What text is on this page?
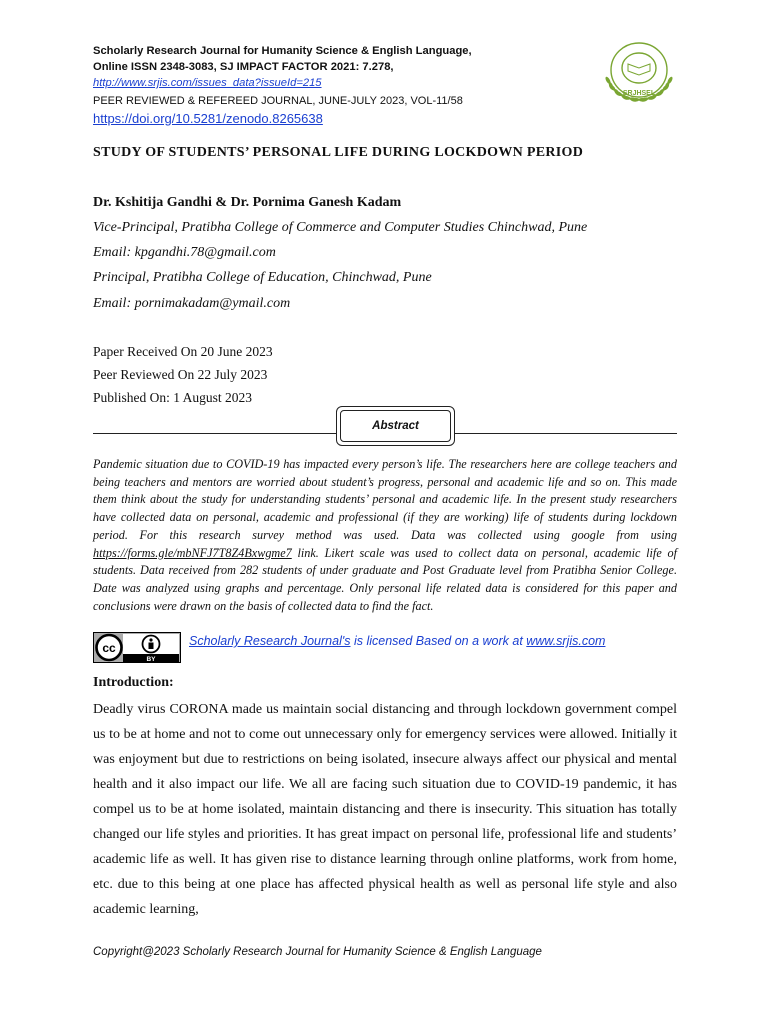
Scholarly Research Journal for Humanity Science & English Language,
Online ISSN 2348-3083, SJ IMPACT FACTOR 2021: 7.278,
http://www.srjis.com/issues_data?issueId=215
PEER REVIEWED & REFEREED JOURNAL, JUNE-JULY 2023, VOL-11/58
https://doi.org/10.5281/zenodo.8265638
SRJHSEL
STUDY OF STUDENTS’ PERSONAL LIFE DURING LOCKDOWN PERIOD
Dr. Kshitija Gandhi & Dr. Pornima Ganesh Kadam
Vice-Principal, Pratibha College of Commerce and Computer Studies Chinchwad, Pune
Email: kpgandhi.78@gmail.com
Principal, Pratibha College of Education, Chinchwad, Pune
Email: pornimakadam@ymail.com
Paper Received On 20 June 2023
Peer Reviewed On 22 July 2023
Published On: 1 August 2023
Abstract
Pandemic situation due to COVID-19 has impacted every person’s life. The researchers here are college teachers and being teachers and mentors are worried about student’s progress, personal and academic life and so on. This made them think about the study for understanding students’ personal and academic life. In the present study researchers have collected data on personal, academic and professional (if they are working) life of students during lockdown period. For this research survey method was used. Data was collected using google from using https://forms.gle/mbNFJ7T8Z4Bxwgme7 link. Likert scale was used to collect data on personal, academic life of students. Data received from 282 students of under graduate and Post Graduate level from Pratibha Senior College. Date was analyzed using graphs and percentage. Only personal life related data is considered for this paper and conclusions were drawn on the basis of collected data to find the fact.
cc
BY
Scholarly Research Journal's is licensed Based on a work at www.srjis.com
Introduction:
Deadly virus CORONA made us maintain social distancing and through lockdown government compel us to be at home and not to come out unnecessary only for emergency services were allowed. Initially it was enjoyment but due to restrictions on being isolated, insecure always affect our physical and mental health and it also impact our life. We all are facing such situation due to COVID-19 pandemic, it has compel us to be at home isolated, maintain distancing and there is insecurity. This situation has totally changed our life styles and priorities. It has great impact on personal life, professional life and students’ academic life as well. It has given rise to distance learning through online platforms, work from home, etc. due to this being at one place has affected physical health as well as personal life style and also academic learning,
Copyright@2023 Scholarly Research Journal for Humanity Science & English Language
